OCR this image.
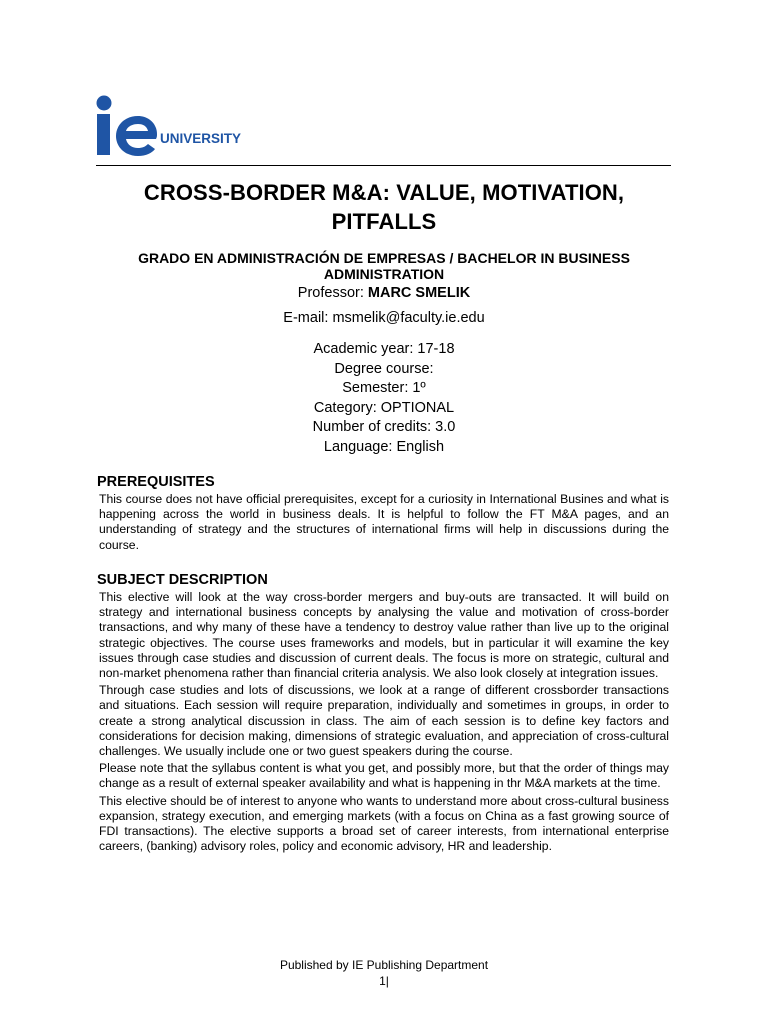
UNIVERSITY
CROSS-BORDER M&A: VALUE, MOTIVATION, PITFALLS
GRADO EN ADMINISTRACIÓN DE EMPRESAS / BACHELOR IN BUSINESS ADMINISTRATION
Professor: MARC SMELIK
E-mail: msmelik@faculty.ie.edu
Academic year: 17-18
Degree course:
Semester: 1º
Category: OPTIONAL
Number of credits: 3.0
Language: English
PREREQUISITES

This course does not have official prerequisites, except for a curiosity in International Busines and what is happening across the world in business deals. It is helpful to follow the FT M&A pages, and an understanding of strategy and the structures of international firms will help in discussions during the course.

SUBJECT DESCRIPTION

This elective will look at the way cross-border mergers and buy-outs are transacted. It will build on strategy and international business concepts by analysing the value and motivation of cross-border transactions, and why many of these have a tendency to destroy value rather than live up to the original strategic objectives. The course uses frameworks and models, but in particular it will examine the key issues through case studies and discussion of current deals. The focus is more on strategic, cultural and non-market phenomena rather than financial criteria analysis. We also look closely at integration issues.

Through case studies and lots of discussions, we look at a range of different crossborder transactions and situations. Each session will require preparation, individually and sometimes in groups, in order to create a strong analytical discussion in class. The aim of each session is to define key factors and considerations for decision making, dimensions of strategic evaluation, and appreciation of cross-cultural challenges. We usually include one or two guest speakers during the course.

Please note that the syllabus content is what you get, and possibly more, but that the order of things may change as a result of external speaker availability and what is happening in thr M&A markets at the time.

This elective should be of interest to anyone who wants to understand more about cross-cultural business expansion, strategy execution, and emerging markets (with a focus on China as a fast growing source of FDI transactions). The elective supports a broad set of career interests, from international enterprise careers, (banking) advisory roles, policy and economic advisory, HR and leadership.

Published by IE Publishing Department
1|
